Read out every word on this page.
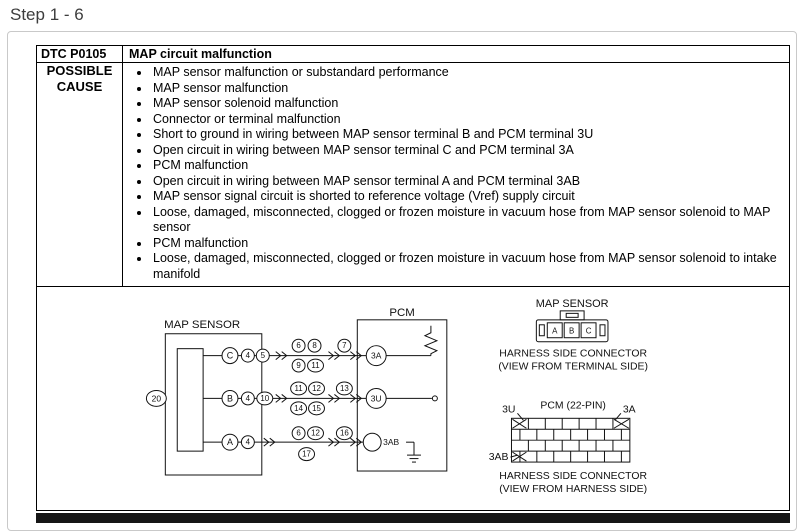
Step 1 - 6
DTC P0105	MAP circuit malfunction
POSSIBLE CAUSE	
• MAP sensor malfunction or substandard performance
• MAP sensor malfunction
• MAP sensor solenoid malfunction
• Connector or terminal malfunction
• Short to ground in wiring between MAP sensor terminal B and PCM terminal 3U
• Open circuit in wiring between MAP sensor terminal C and PCM terminal 3A
• PCM malfunction
• Open circuit in wiring between MAP sensor terminal A and PCM terminal 3AB
• MAP sensor signal circuit is shorted to reference voltage (Vref) supply circuit
• Loose, damaged, misconnected, clogged or frozen moisture in vacuum hose from MAP sensor solenoid to MAP sensor
• PCM malfunction
• Loose, damaged, misconnected, clogged or frozen moisture in vacuum hose from MAP sensor solenoid to intake manifold
MAP SENSOR
20
C
B
A
4 5
6 8
9 11
7
4 10
11 12
14 15
13
4
6 12
17
16
PCM
3A
3U
3AB
MAP SENSOR
A B C
HARNESS SIDE CONNECTOR
(VIEW FROM TERMINAL SIDE)
PCM (22-PIN)
3U	3A
3AB
HARNESS SIDE CONNECTOR
(VIEW FROM HARNESS SIDE)
